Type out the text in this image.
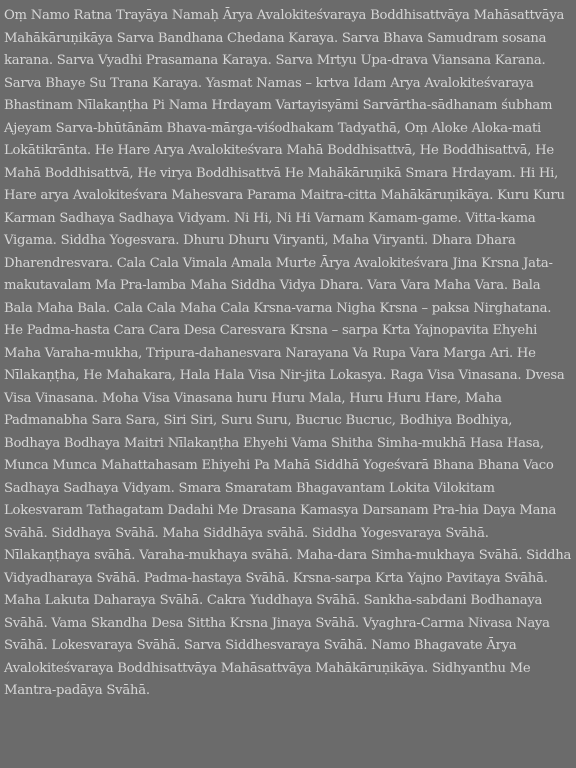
Oṃ Namo Ratna Trayāya Namaḥ Ārya Avalokiteśvaraya Boddhisattvāya Mahāsattvāya Mahākāruṇikāya Sarva Bandhana Chedana Karaya. Sarva Bhava Samudram sosana karana. Sarva Vyadhi Prasamana Karaya. Sarva Mrtyu Upa-drava Viansana Karana. Sarva Bhaye Su Trana Karaya. Yasmat Namas – krtva Idam Arya Avalokiteśvaraya Bhastinam Nīlakaṇṭha Pi Nama Hrdayam Vartayisyāmi Sarvārtha-sādhanam śubham Ajeyam Sarva-bhūtānām Bhava-mārga-viśodhakam Tadyathā, Oṃ Aloke Aloka-mati Lokātikrānta. He Hare Arya Avalokiteśvara Mahā Boddhisattvā, He Boddhisattvā, He Mahā Boddhisattvā, He virya Boddhisattvā He Mahākāruṇikā Smara Hrdayam. Hi Hi, Hare arya Avalokiteśvara Mahesvara Parama Maitra-citta Mahākāruṇikāya. Kuru Kuru Karman Sadhaya Sadhaya Vidyam. Ni Hi, Ni Hi Varnam Kamam-game. Vitta-kama Vigama. Siddha Yogesvara. Dhuru Dhuru Viryanti, Maha Viryanti. Dhara Dhara Dharendresvara. Cala Cala Vimala Amala Murte Ārya Avalokiteśvara Jina Krsna Jata-makutavalam Ma Pra-lamba Maha Siddha Vidya Dhara. Vara Vara Maha Vara. Bala Bala Maha Bala. Cala Cala Maha Cala Krsna-varna Nigha Krsna – paksa Nirghatana. He Padma-hasta Cara Cara Desa Caresvara Krsna – sarpa Krta Yajnopavita Ehyehi Maha Varaha-mukha, Tripura-dahanesvara Narayana Va Rupa Vara Marga Ari. He Nīlakaṇṭha, He Mahakara, Hala Hala Visa Nir-jita Lokasya. Raga Visa Vinasana. Dvesa Visa Vinasana. Moha Visa Vinasana huru Huru Mala, Huru Huru Hare, Maha Padmanabha Sara Sara, Siri Siri, Suru Suru, Bucruc Bucruc, Bodhiya Bodhiya, Bodhaya Bodhaya Maitri Nīlakaṇṭha Ehyehi Vama Shitha Simha-mukhā Hasa Hasa, Munca Munca Mahattahasam Ehiyehi Pa Mahā Siddhā Yogeśvarā Bhana Bhana Vaco Sadhaya Sadhaya Vidyam. Smara Smaratam Bhagavantam Lokita Vilokitam Lokesvaram Tathagatam Dadahi Me Drasana Kamasya Darsanam Pra-hia Daya Mana Svāhā. Siddhaya Svāhā. Maha Siddhāya svāhā. Siddha Yogesvaraya Svāhā. Nīlakaṇṭhaya svāhā. Varaha-mukhaya svāhā. Maha-dara Simha-mukhaya Svāhā. Siddha Vidyadharaya Svāhā. Padma-hastaya Svāhā. Krsna-sarpa Krta Yajno Pavitaya Svāhā. Maha Lakuta Daharaya Svāhā. Cakra Yuddhaya Svāhā. Sankha-sabdani Bodhanaya Svāhā. Vama Skandha Desa Sittha Krsna Jinaya Svāhā. Vyaghra-Carma Nivasa Naya Svāhā. Lokesvaraya Svāhā. Sarva Siddhesvaraya Svāhā. Namo Bhagavate Ārya Avalokiteśvaraya Boddhisattvāya Mahāsattvāya Mahākāruṇikāya. Sidhyanthu Me Mantra-padāya Svāhā.
